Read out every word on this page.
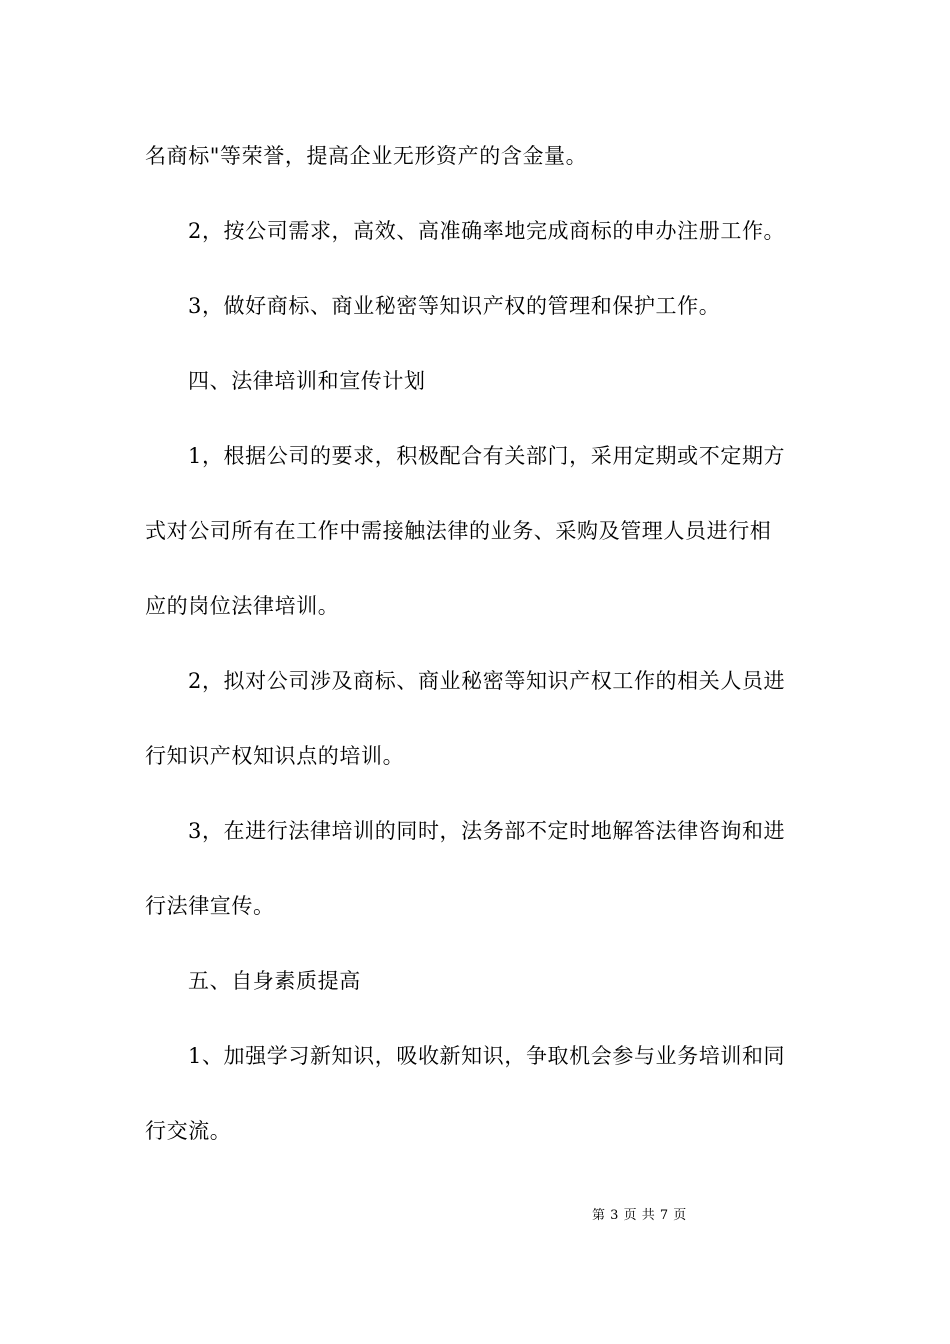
名商标"等荣誉，提高企业无形资产的含金量。
2，按公司需求，高效、高准确率地完成商标的申办注册工作。
3，做好商标、商业秘密等知识产权的管理和保护工作。
四、法律培训和宣传计划
1，根据公司的要求，积极配合有关部门，采用定期或不定期方
式对公司所有在工作中需接触法律的业务、采购及管理人员进行相
应的岗位法律培训。
2，拟对公司涉及商标、商业秘密等知识产权工作的相关人员进
行知识产权知识点的培训。
3，在进行法律培训的同时，法务部不定时地解答法律咨询和进
行法律宣传。
五、自身素质提高
1、加强学习新知识，吸收新知识，争取机会参与业务培训和同
行交流。
第 3 页 共 7 页
